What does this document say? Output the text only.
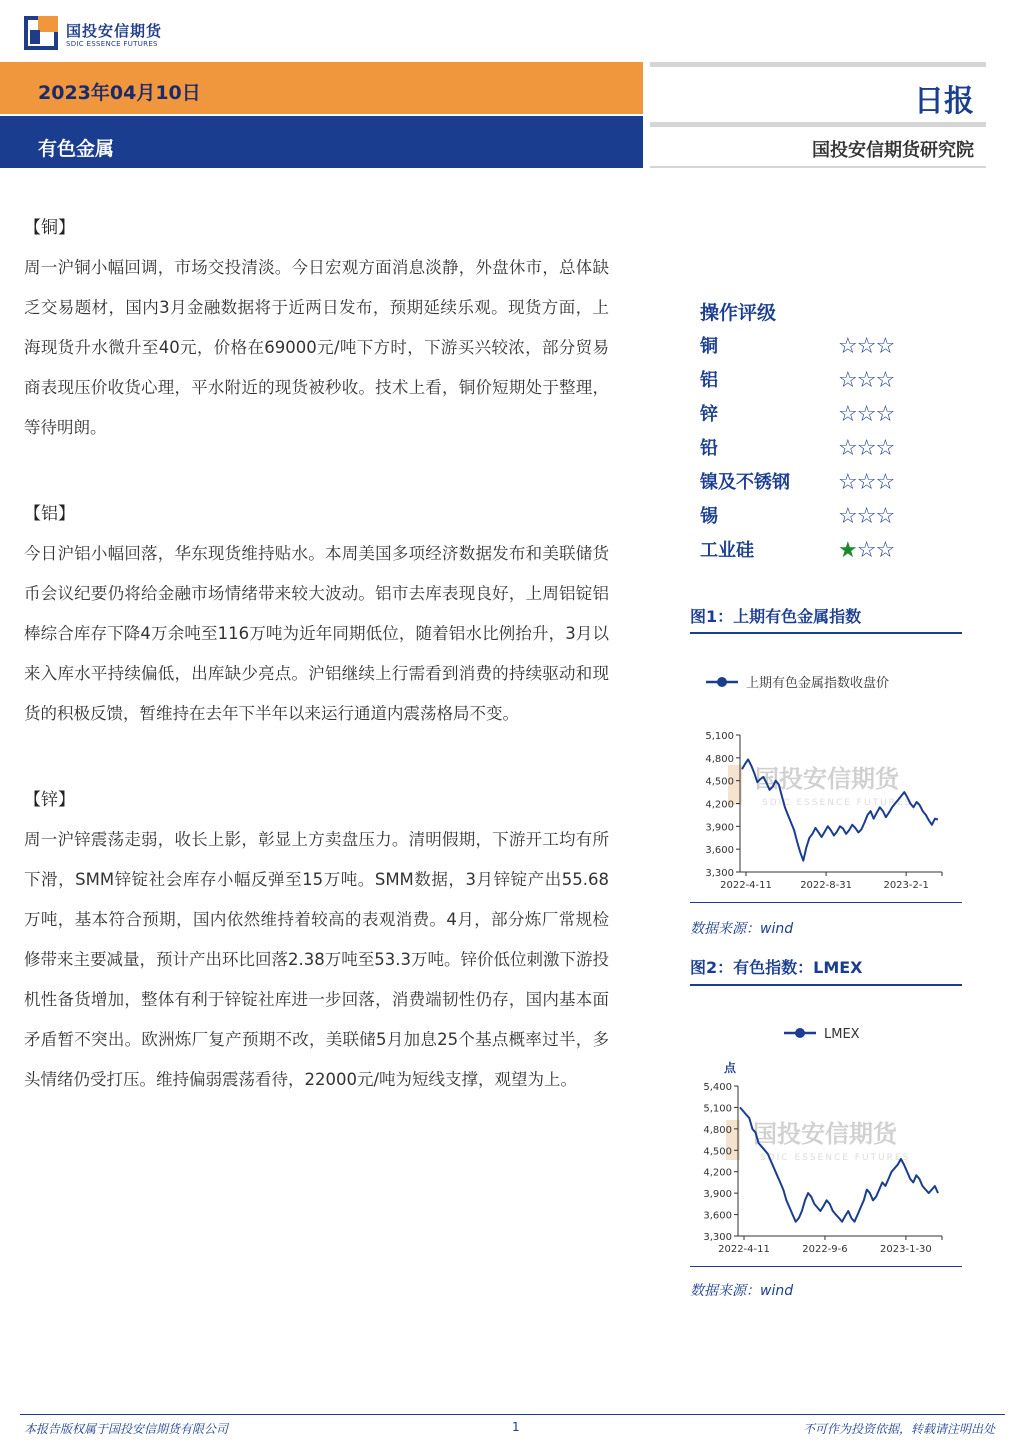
国投安信期货
SDIC ESSENCE FUTURES
2023年04月10日
有色金属
日报
国投安信期货研究院

【铜】

周一沪铜小幅回调，市场交投清淡。今日宏观方面消息淡静，外盘休市，总体缺乏交易题材，国内3月金融数据将于近两日发布，预期延续乐观。现货方面，上海现货升水微升至40元，价格在69000元/吨下方时，下游买兴较浓，部分贸易商表现压价收货心理，平水附近的现货被秒收。技术上看，铜价短期处于整理，等待明朗。

【铝】

今日沪铝小幅回落，华东现货维持贴水。本周美国多项经济数据发布和美联储货币会议纪要仍将给金融市场情绪带来较大波动。铝市去库表现良好，上周铝锭铝棒综合库存下降4万余吨至116万吨为近年同期低位，随着铝水比例抬升，3月以来入库水平持续偏低，出库缺少亮点。沪铝继续上行需看到消费的持续驱动和现货的积极反馈，暂维持在去年下半年以来运行通道内震荡格局不变。

【锌】

周一沪锌震荡走弱，收长上影，彰显上方卖盘压力。清明假期，下游开工均有所下滑，SMM锌锭社会库存小幅反弹至15万吨。SMM数据，3月锌锭产出55.68万吨，基本符合预期，国内依然维持着较高的表观消费。4月，部分炼厂常规检修带来主要减量，预计产出环比回落2.38万吨至53.3万吨。锌价低位刺激下游投机性备货增加，整体有利于锌锭社库进一步回落，消费端韧性仍存，国内基本面矛盾暂不突出。欧洲炼厂复产预期不改，美联储5月加息25个基点概率过半，多头情绪仍受打压。维持偏弱震荡看待，22000元/吨为短线支撑，观望为上。

操作评级
铜	☆☆☆
铝	☆☆☆
锌	☆☆☆
铅	☆☆☆
镍及不锈钢 ☆☆☆
锡	☆☆☆
工业硅	★☆☆
图1：上期有色金属指数
国投安信期货
SDIC ESSENCE FUTURES
上期有色金属指数收盘价
3,300
3,600
3,900
4,200
4,500
4,800
5,100
2022-4-11	2022-8-31	2023-2-1
数据来源：wind
图2：有色指数：LMEX
国投安信期货
SDIC ESSENCE FUTURES
LMEX
点
3,300
3,600
3,900
4,200
4,500
4,800
5,100
5,400
2022-4-11	2022-9-6	2023-1-30
数据来源：wind
本报告版权属于国投安信期货有限公司	1	不可作为投资依据，转载请注明出处
